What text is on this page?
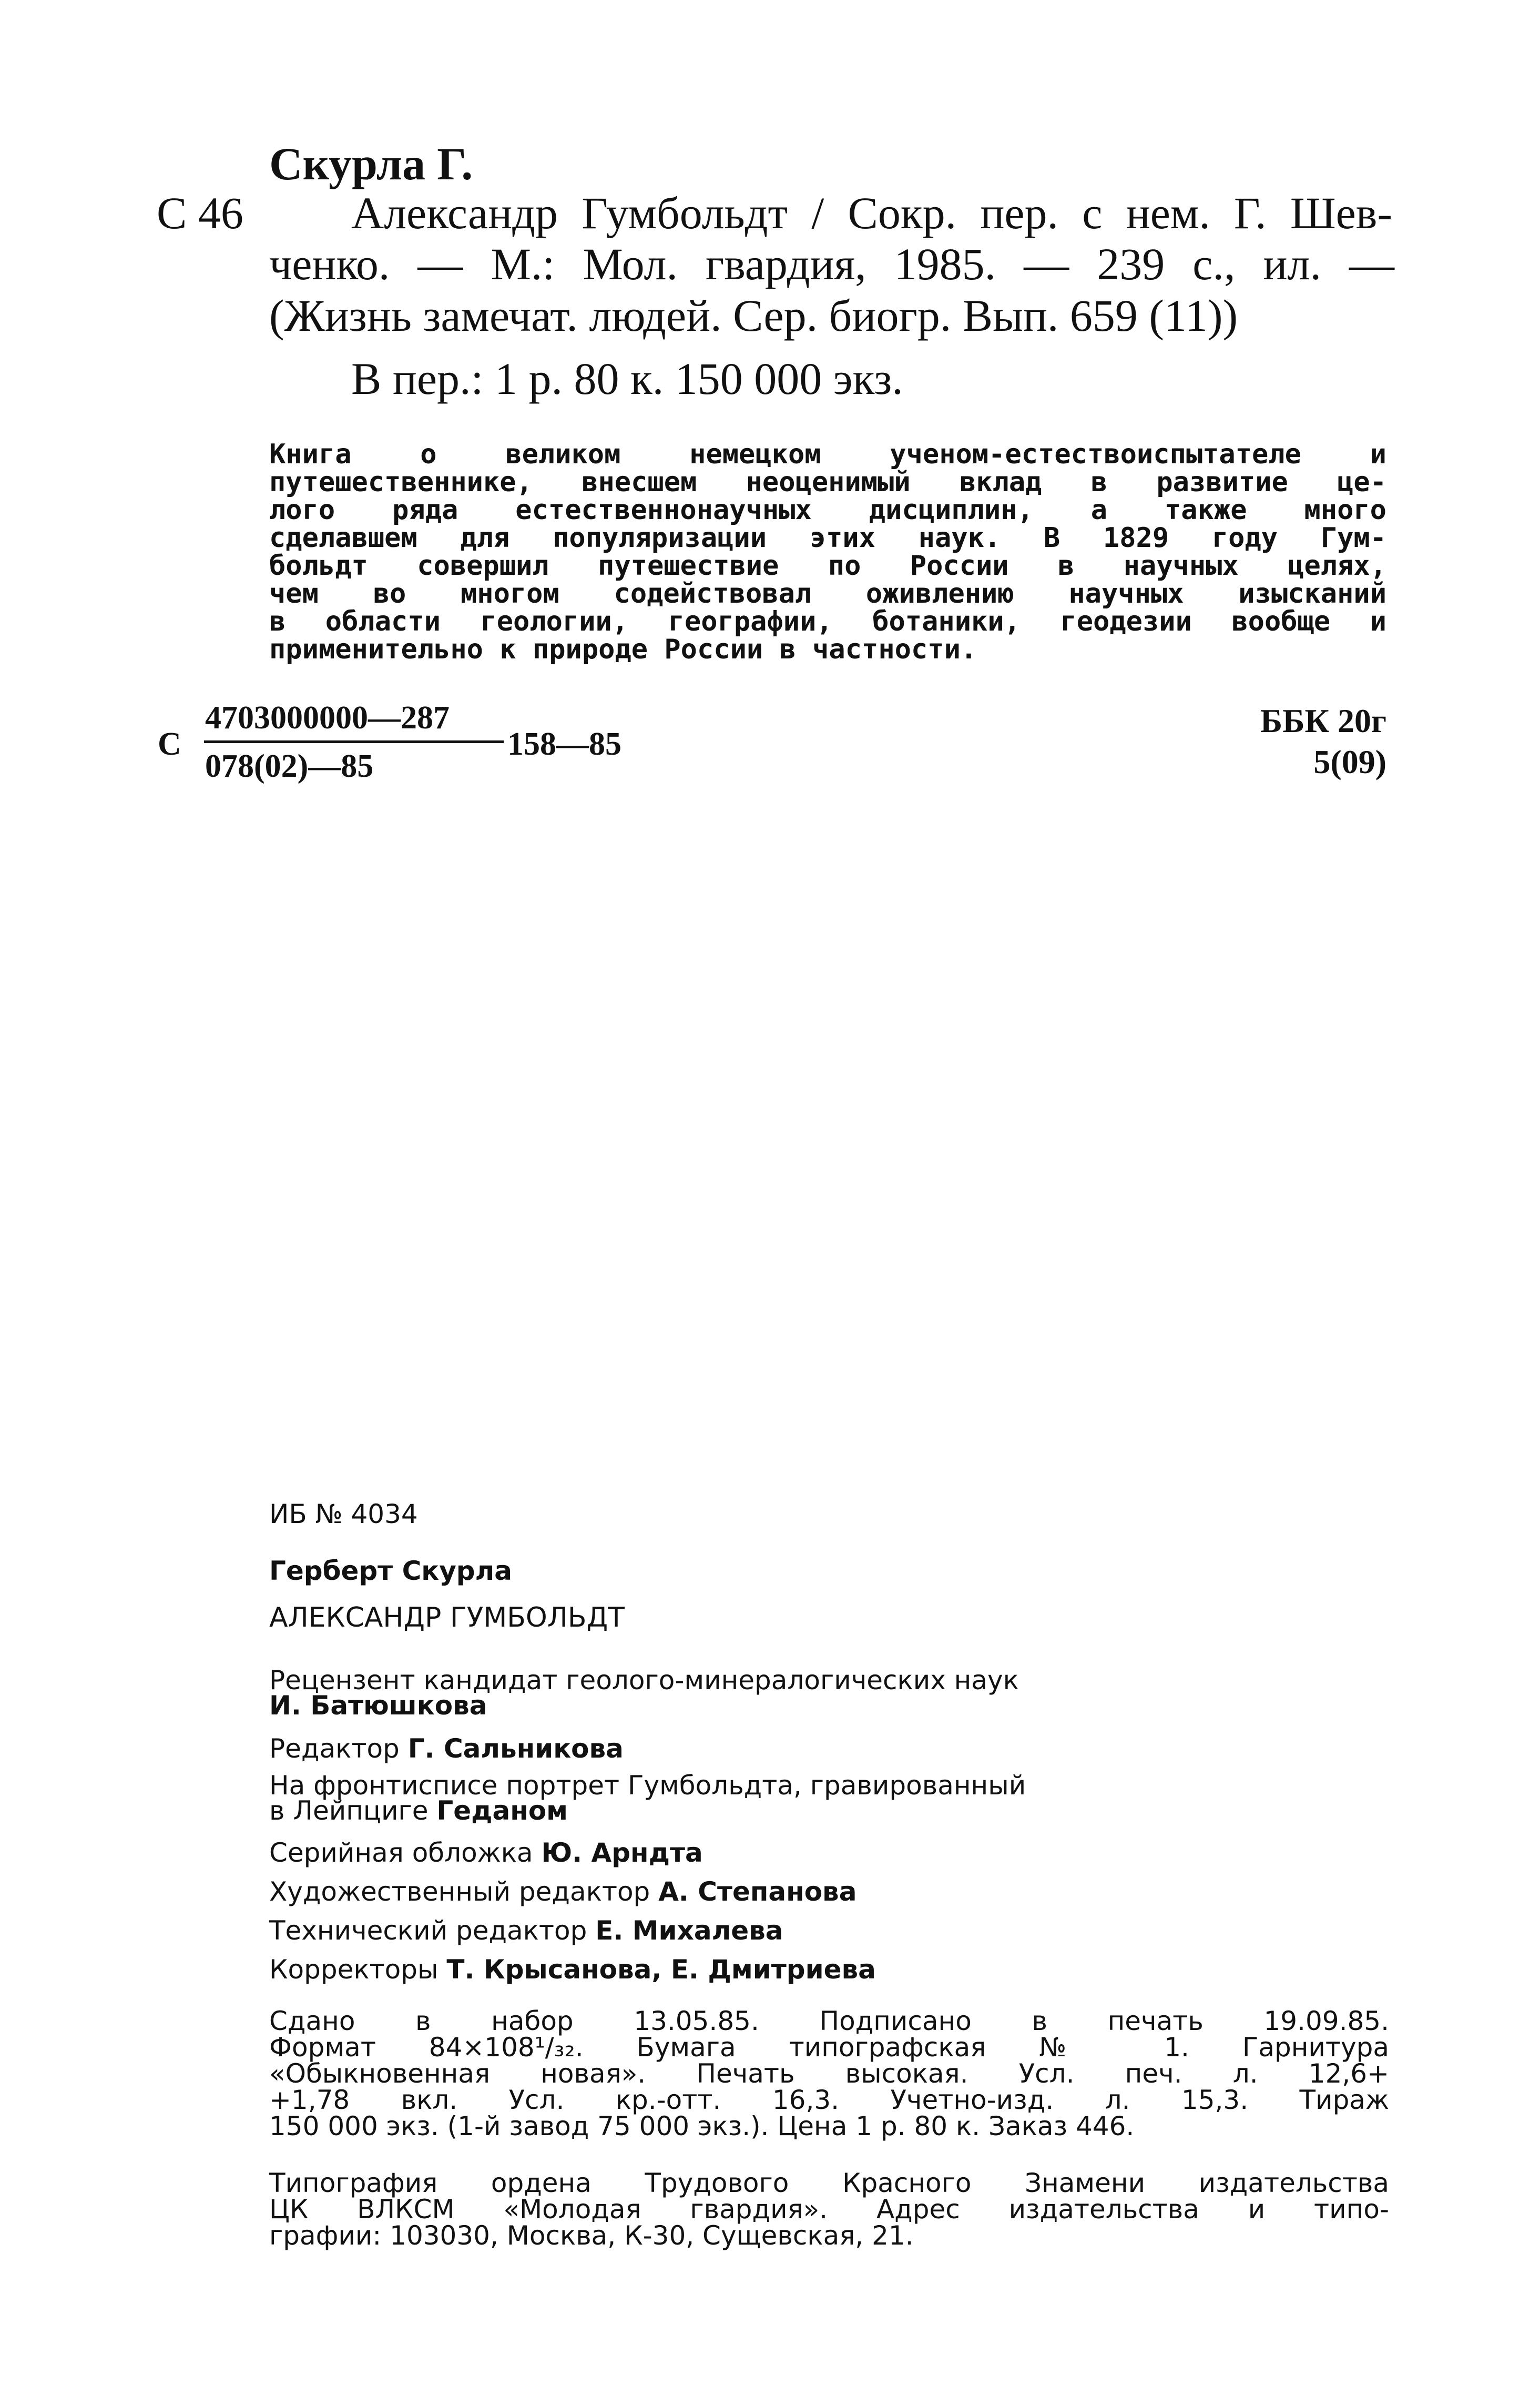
Скурла Г.
С 46 Александр Гумбольдт / Сокр. пер. с нем. Г. Шев-
ченко. — М.: Мол. гвардия, 1985. — 239 с., ил. —
(Жизнь замечат. людей. Сер. биогр. Вып. 659 (11))
В пер.: 1 р. 80 к. 150 000 экз.
Книга о великом немецком ученом-естествоиспытателе и
путешественнике, внесшем неоценимый вклад в развитие це-
лого ряда естественнонаучных дисциплин, а также много
сделавшем для популяризации этих наук. В 1829 году Гум-
больдт совершил путешествие по России в научных целях,
чем во многом содействовал оживлению научных изысканий
в области геологии, географии, ботаники, геодезии вообще и
применительно к природе России в частности.
С
4703000000—287
078(02)—85
158—85
ББК 20г
5(09)
ИБ № 4034
Герберт Скурла
АЛЕКСАНДР ГУМБОЛЬДТ
Рецензент кандидат геолого-минералогических наук
И. Батюшкова
Редактор Г. Сальникова
На фронтисписе портрет Гумбольдта, гравированный
в Лейпциге Геданом
Серийная обложка Ю. Арндта
Художественный редактор А. Степанова
Технический редактор Е. Михалева
Корректоры Т. Крысанова, Е. Дмитриева
Сдано в набор 13.05.85. Подписано в печать 19.09.85.
Формат 84×108¹/₃₂. Бумага типографская № 1. Гарнитура
«Обыкновенная новая». Печать высокая. Усл. печ. л. 12,6+
+1,78 вкл. Усл. кр.-отт. 16,3. Учетно-изд. л. 15,3. Тираж
150 000 экз. (1-й завод 75 000 экз.). Цена 1 р. 80 к. Заказ 446.
Типография ордена Трудового Красного Знамени издательства
ЦК ВЛКСМ «Молодая гвардия». Адрес издательства и типо-
графии: 103030, Москва, К-30, Сущевская, 21.
